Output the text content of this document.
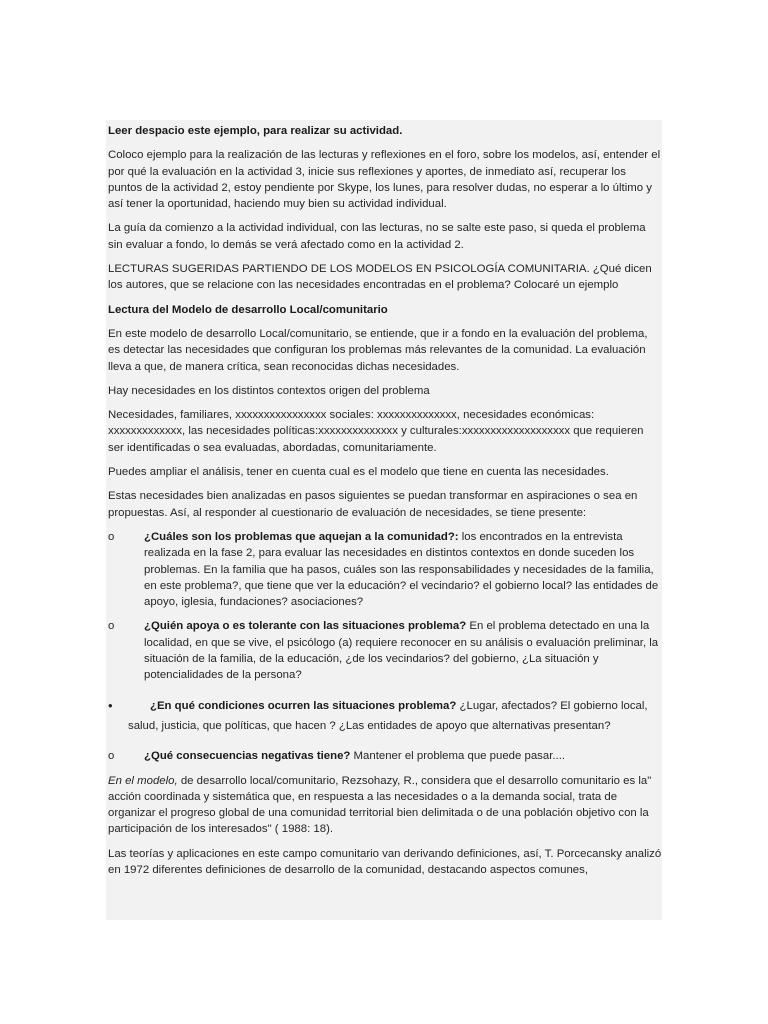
Leer despacio este ejemplo, para realizar su actividad.

Coloco ejemplo para la realización de las lecturas y reflexiones en el foro, sobre los modelos, así, entender el por qué la evaluación en la actividad 3, inicie sus reflexiones y aportes, de inmediato así, recuperar los puntos de la actividad 2, estoy pendiente por Skype, los lunes, para resolver dudas, no esperar a lo último y así tener la oportunidad, haciendo muy bien su actividad individual.

La guía da comienzo a la actividad individual, con las lecturas, no se salte este paso, si queda el problema sin evaluar a fondo, lo demás se verá afectado como en la actividad 2.

LECTURAS SUGERIDAS PARTIENDO DE LOS MODELOS EN PSICOLOGÍA COMUNITARIA. ¿Qué dicen los autores, que se relacione con las necesidades encontradas en el problema? Colocaré un ejemplo

Lectura del Modelo de desarrollo Local/comunitario

En este modelo de desarrollo Local/comunitario, se entiende, que ir a fondo en la evaluación del problema, es detectar las necesidades que configuran los problemas más relevantes de la comunidad. La evaluación lleva a que, de manera crítica, sean reconocidas dichas necesidades.

Hay necesidades en los distintos contextos origen del problema

Necesidades, familiares, xxxxxxxxxxxxxxxx sociales: xxxxxxxxxxxxxx, necesidades económicas: xxxxxxxxxxxxx, las necesidades políticas:xxxxxxxxxxxxxx y culturales:xxxxxxxxxxxxxxxxxxx que requieren ser identificadas o sea evaluadas, abordadas, comunitariamente.

Puedes ampliar el análisis, tener en cuenta cual es el modelo que tiene en cuenta las necesidades.

Estas necesidades bien analizadas en pasos siguientes se puedan transformar en aspiraciones o sea en propuestas. Así, al responder al cuestionario de evaluación de necesidades, se tiene presente:

o	¿Cuáles son los problemas que aquejan a la comunidad?: los encontrados en la entrevista realizada en la fase 2, para evaluar las necesidades en distintos contextos en donde suceden los problemas. En la familia que ha pasos, cuáles son las responsabilidades y necesidades de la familia, en este problema?, que tiene que ver la educación? el vecindario? el gobierno local? las entidades de apoyo, iglesia, fundaciones? asociaciones?
o	¿Quién apoya o es tolerante con las situaciones problema? En el problema detectado en una la localidad, en que se vive, el psicólogo (a) requiere reconocer en su análisis o evaluación preliminar, la situación de la familia, de la educación, ¿de los vecindarios? del gobierno, ¿La situación y potencialidades de la persona?
•	¿En qué condiciones ocurren las situaciones problema? ¿Lugar, afectados? El gobierno local,
salud, justicia, que políticas, que hacen ? ¿Las entidades de apoyo que alternativas presentan?
o	¿Qué consecuencias negativas tiene? Mantener el problema que puede pasar....

En el modelo, de desarrollo local/comunitario, Rezsohazy, R., considera que el desarrollo comunitario es la" acción coordinada y sistemática que, en respuesta a las necesidades o a la demanda social, trata de organizar el progreso global de una comunidad territorial bien delimitada o de una población objetivo con la participación de los interesados" ( 1988: 18).

Las teorías y aplicaciones en este campo comunitario van derivando definiciones, así, T. Porcecansky analizó en 1972 diferentes definiciones de desarrollo de la comunidad, destacando aspectos comunes,
